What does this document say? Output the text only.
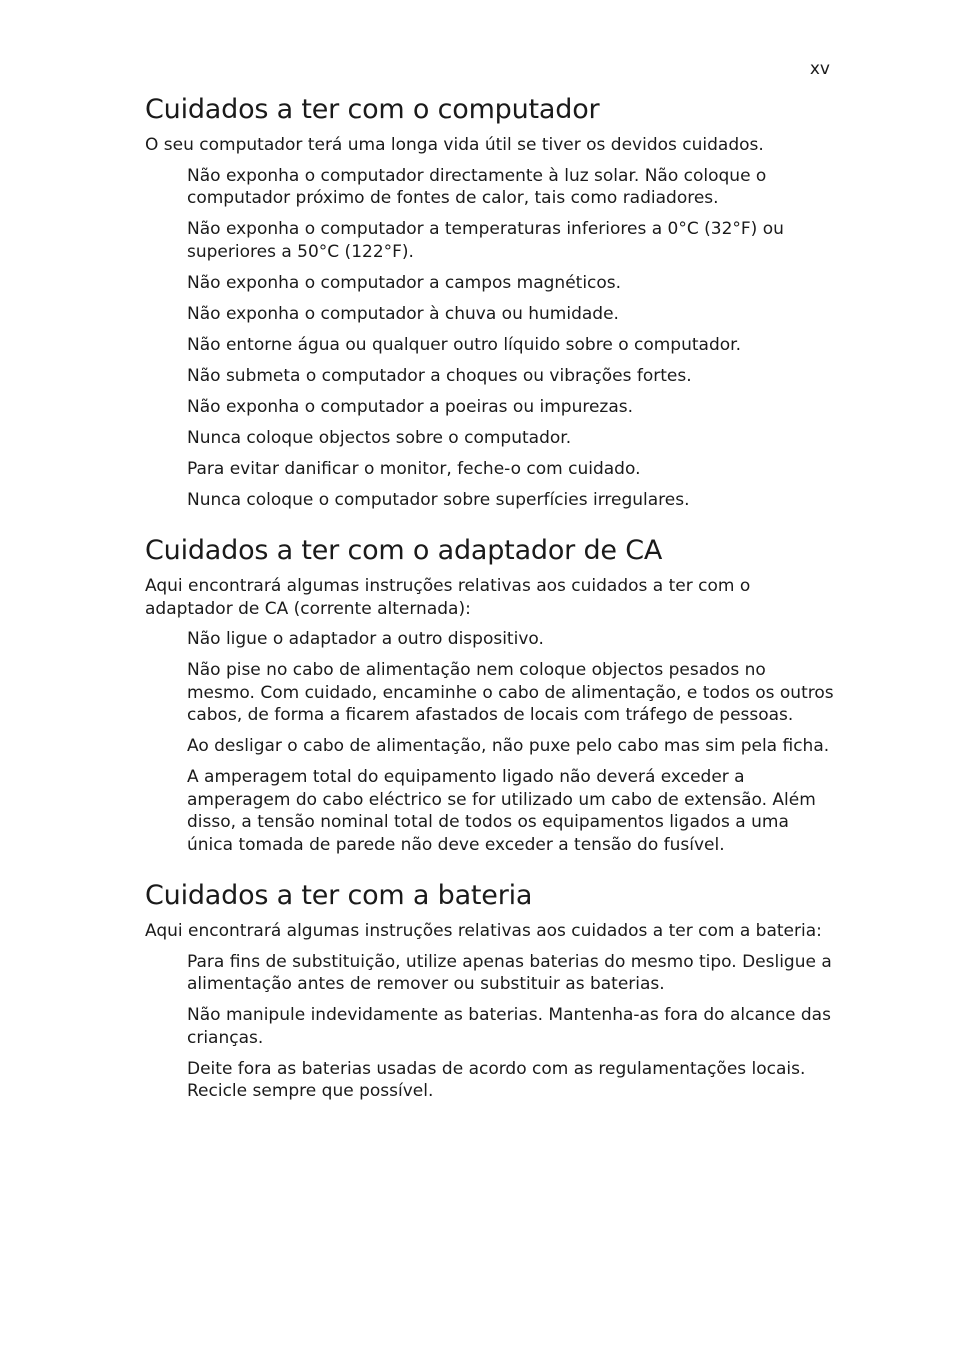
xv

Cuidados a ter com o computador

O seu computador terá uma longa vida útil se tiver os devidos cuidados.

Não exponha o computador directamente à luz solar. Não coloque o computador próximo de fontes de calor, tais como radiadores.
Não exponha o computador a temperaturas inferiores a 0°C (32°F) ou superiores a 50°C (122°F).
Não exponha o computador a campos magnéticos.
Não exponha o computador à chuva ou humidade.
Não entorne água ou qualquer outro líquido sobre o computador.
Não submeta o computador a choques ou vibrações fortes.
Não exponha o computador a poeiras ou impurezas.
Nunca coloque objectos sobre o computador.
Para evitar danificar o monitor, feche-o com cuidado.
Nunca coloque o computador sobre superfícies irregulares.
Cuidados a ter com o adaptador de CA

Aqui encontrará algumas instruções relativas aos cuidados a ter com o adaptador de CA (corrente alternada):

Não ligue o adaptador a outro dispositivo.
Não pise no cabo de alimentação nem coloque objectos pesados no mesmo. Com cuidado, encaminhe o cabo de alimentação, e todos os outros cabos, de forma a ficarem afastados de locais com tráfego de pessoas.
Ao desligar o cabo de alimentação, não puxe pelo cabo mas sim pela ficha.
A amperagem total do equipamento ligado não deverá exceder a amperagem do cabo eléctrico se for utilizado um cabo de extensão. Além disso, a tensão nominal total de todos os equipamentos ligados a uma única tomada de parede não deve exceder a tensão do fusível.
Cuidados a ter com a bateria

Aqui encontrará algumas instruções relativas aos cuidados a ter com a bateria:

Para fins de substituição, utilize apenas baterias do mesmo tipo. Desligue a alimentação antes de remover ou substituir as baterias.
Não manipule indevidamente as baterias. Mantenha-as fora do alcance das crianças.
Deite fora as baterias usadas de acordo com as regulamentações locais. Recicle sempre que possível.
